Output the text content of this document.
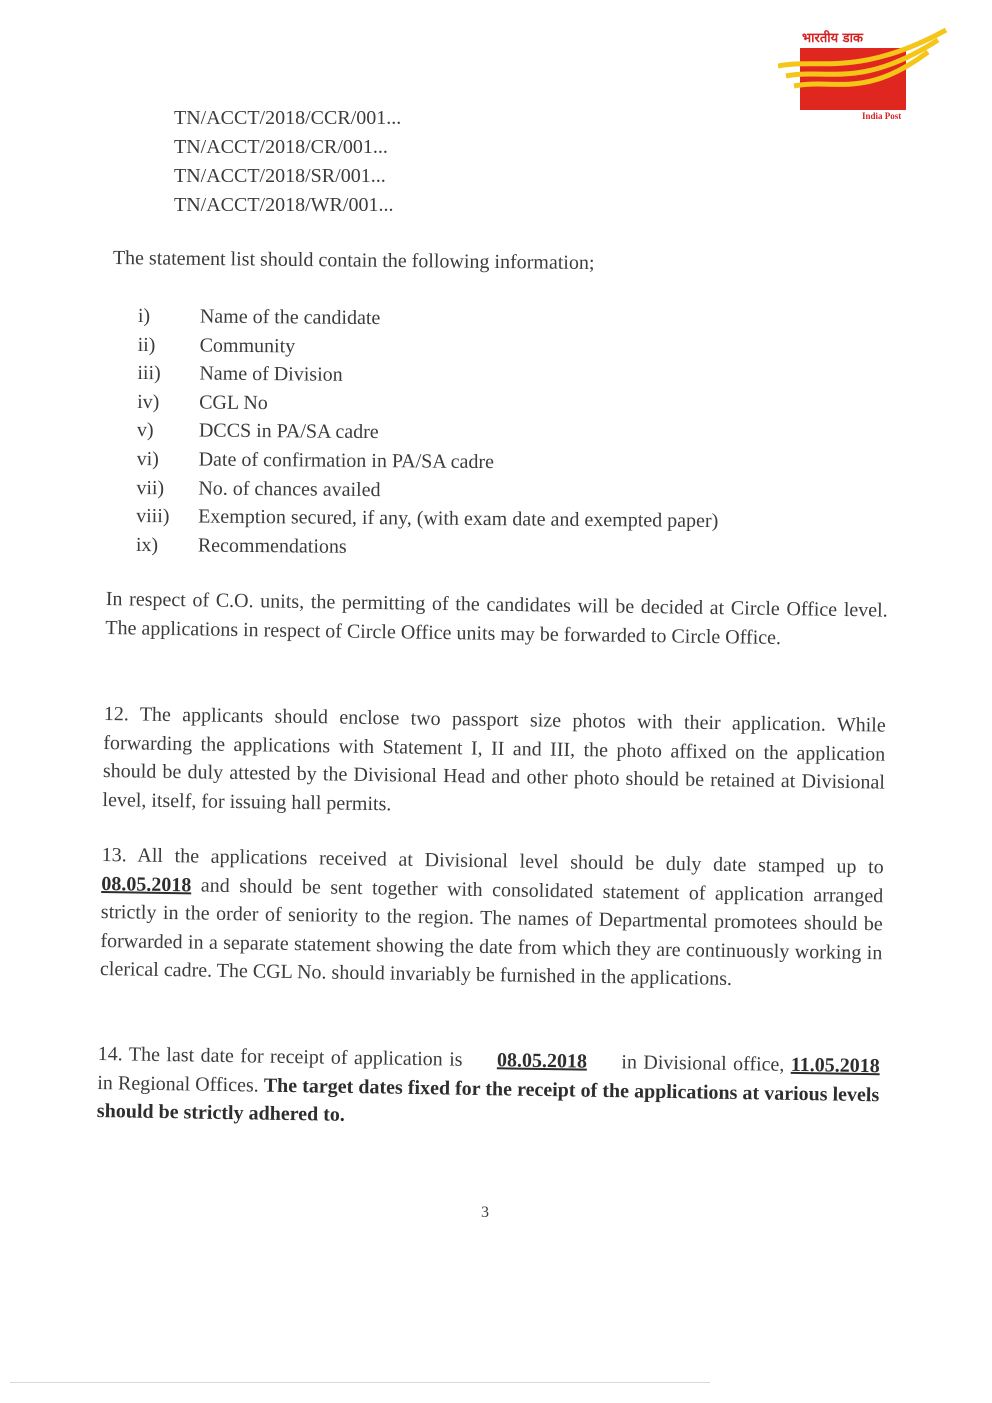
भारतीय डाक
India Post
TN/ACCT/2018/CCR/001...
TN/ACCT/2018/CR/001...
TN/ACCT/2018/SR/001...
TN/ACCT/2018/WR/001...
The statement list should contain the following information;
i)	Name of the candidate
ii)	Community
iii)	Name of Division
iv)	CGL No
v)	DCCS in PA/SA cadre
vi)	Date of confirmation in PA/SA cadre
vii)	No. of chances availed
viii)	Exemption secured, if any, (with exam date and exempted paper)
ix)	Recommendations
In respect of C.O. units, the permitting of the candidates will be decided at Circle Office level. The applications in respect of Circle Office units may be forwarded to Circle Office.
12. The applicants should enclose two passport size photos with their application. While forwarding the applications with Statement I, II and III, the photo affixed on the application should be duly attested by the Divisional Head and other photo should be retained at Divisional level, itself, for issuing hall permits.
13. All the applications received at Divisional level should be duly date stamped up to 08.05.2018 and should be sent together with consolidated statement of application arranged strictly in the order of seniority to the region. The names of Departmental promotees should be forwarded in a separate statement showing the date from which they are continuously working in clerical cadre. The CGL No. should invariably be furnished in the applications.
14. The last date for receipt of application is 08.05.2018 in Divisional office, 11.05.2018 in Regional Offices. The target dates fixed for the receipt of the applications at various levels should be strictly adhered to.
3
